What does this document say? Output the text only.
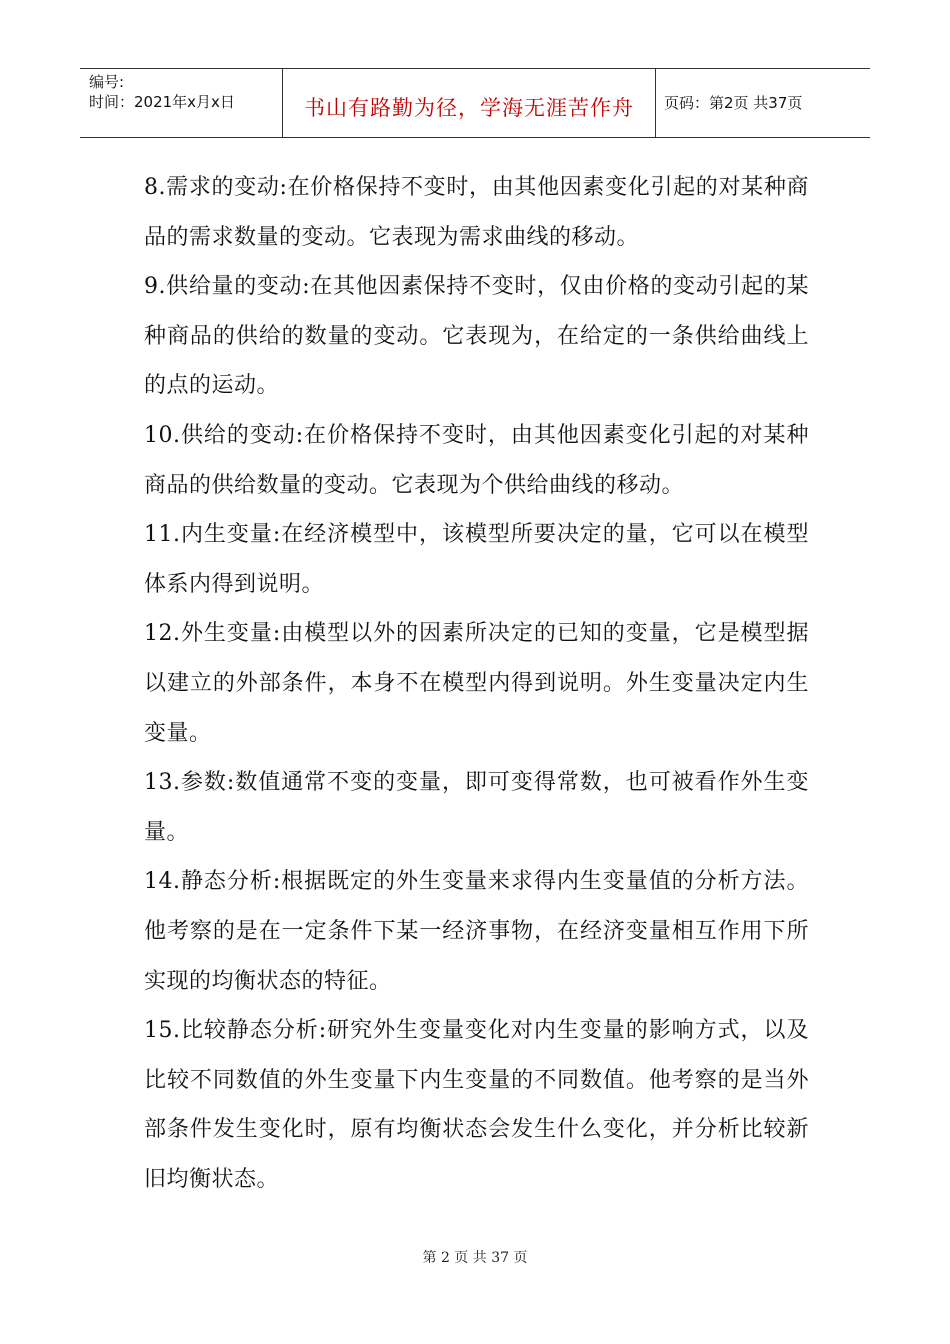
编号:
时间：2021年x月x日	书山有路勤为径，学海无涯苦作舟	页码：第2页 共37页

8.需求的变动:在价格保持不变时，由其他因素变化引起的对某种商品的需求数量的变动。它表现为需求曲线的移动。

9.供给量的变动:在其他因素保持不变时，仅由价格的变动引起的某种商品的供给的数量的变动。它表现为，在给定的一条供给曲线上的点的运动。

10.供给的变动:在价格保持不变时，由其他因素变化引起的对某种商品的供给数量的变动。它表现为个供给曲线的移动。

11.内生变量:在经济模型中，该模型所要决定的量，它可以在模型体系内得到说明。

12.外生变量:由模型以外的因素所决定的已知的变量，它是模型据以建立的外部条件，本身不在模型内得到说明。外生变量决定内生变量。

13.参数:数值通常不变的变量，即可变得常数，也可被看作外生变量。

14.静态分析:根据既定的外生变量来求得内生变量值的分析方法。他考察的是在一定条件下某一经济事物，在经济变量相互作用下所实现的均衡状态的特征。

15.比较静态分析:研究外生变量变化对内生变量的影响方式，以及比较不同数值的外生变量下内生变量的不同数值。他考察的是当外部条件发生变化时，原有均衡状态会发生什么变化，并分析比较新旧均衡状态。

第 2 页 共 37 页
